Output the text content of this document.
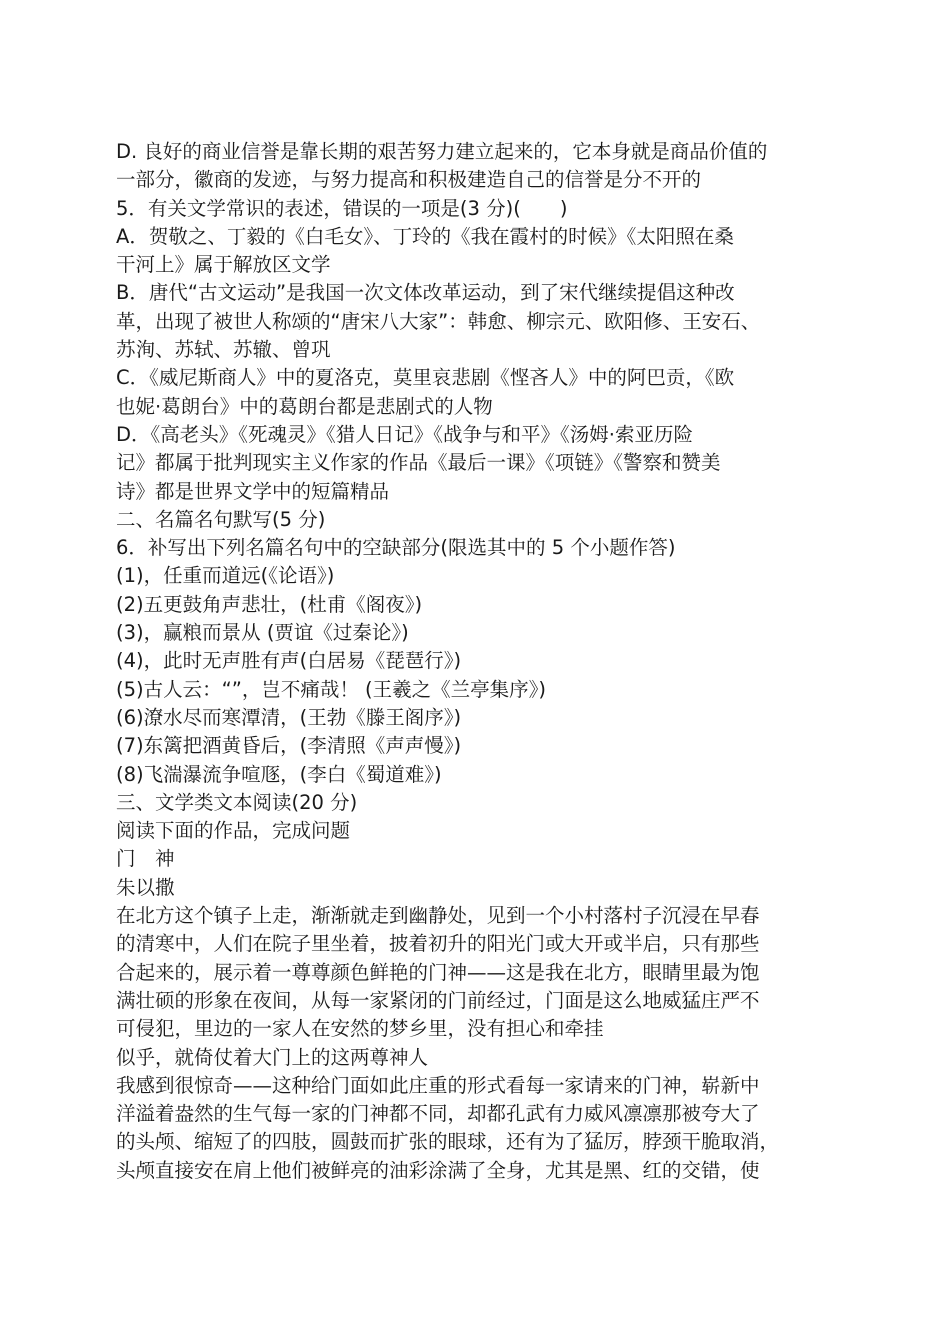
D. 良好的商业信誉是靠长期的艰苦努力建立起来的，它本身就是商品价值的
一部分，徽商的发迹，与努力提高和积极建造自己的信誉是分不开的
5．有关文学常识的表述，错误的一项是(3 分)(　　)
A．贺敬之、丁毅的《白毛女》、丁玲的《我在霞村的时候》《太阳照在桑
干河上》属于解放区文学
B．唐代“古文运动”是我国一次文体改革运动，到了宋代继续提倡这种改
革，出现了被世人称颂的“唐宋八大家”：韩愈、柳宗元、欧阳修、王安石、
苏洵、苏轼、苏辙、曾巩
C．《威尼斯商人》中的夏洛克，莫里哀悲剧《悭吝人》中的阿巴贡，《欧
也妮·葛朗台》中的葛朗台都是悲剧式的人物
D．《高老头》《死魂灵》《猎人日记》《战争与和平》《汤姆·索亚历险
记》都属于批判现实主义作家的作品《最后一课》《项链》《警察和赞美
诗》都是世界文学中的短篇精品
二、名篇名句默写(5 分)
6．补写出下列名篇名句中的空缺部分(限选其中的 5 个小题作答)
(1)，任重而道远(《论语》)
(2)五更鼓角声悲壮，(杜甫《阁夜》)
(3)，赢粮而景从 (贾谊《过秦论》)
(4)，此时无声胜有声(白居易《琵琶行》)
(5)古人云：“”，岂不痛哉！ (王羲之《兰亭集序》)
(6)潦水尽而寒潭清，(王勃《滕王阁序》)
(7)东篱把酒黄昏后，(李清照《声声慢》)
(8)飞湍瀑流争喧豗，(李白《蜀道难》)
三、文学类文本阅读(20 分)
阅读下面的作品，完成问题
门　神
朱以撒
在北方这个镇子上走，渐渐就走到幽静处，见到一个小村落村子沉浸在早春
的清寒中，人们在院子里坐着，披着初升的阳光门或大开或半启，只有那些
合起来的，展示着一尊尊颜色鲜艳的门神——这是我在北方，眼睛里最为饱
满壮硕的形象在夜间，从每一家紧闭的门前经过，门面是这么地威猛庄严不
可侵犯，里边的一家人在安然的梦乡里，没有担心和牵挂
似乎，就倚仗着大门上的这两尊神人
我感到很惊奇——这种给门面如此庄重的形式看每一家请来的门神，崭新中
洋溢着盎然的生气每一家的门神都不同，却都孔武有力威风凛凛那被夸大了
的头颅、缩短了的四肢，圆鼓而扩张的眼球，还有为了猛厉，脖颈干脆取消，
头颅直接安在肩上他们被鲜亮的油彩涂满了全身，尤其是黑、红的交错，使
